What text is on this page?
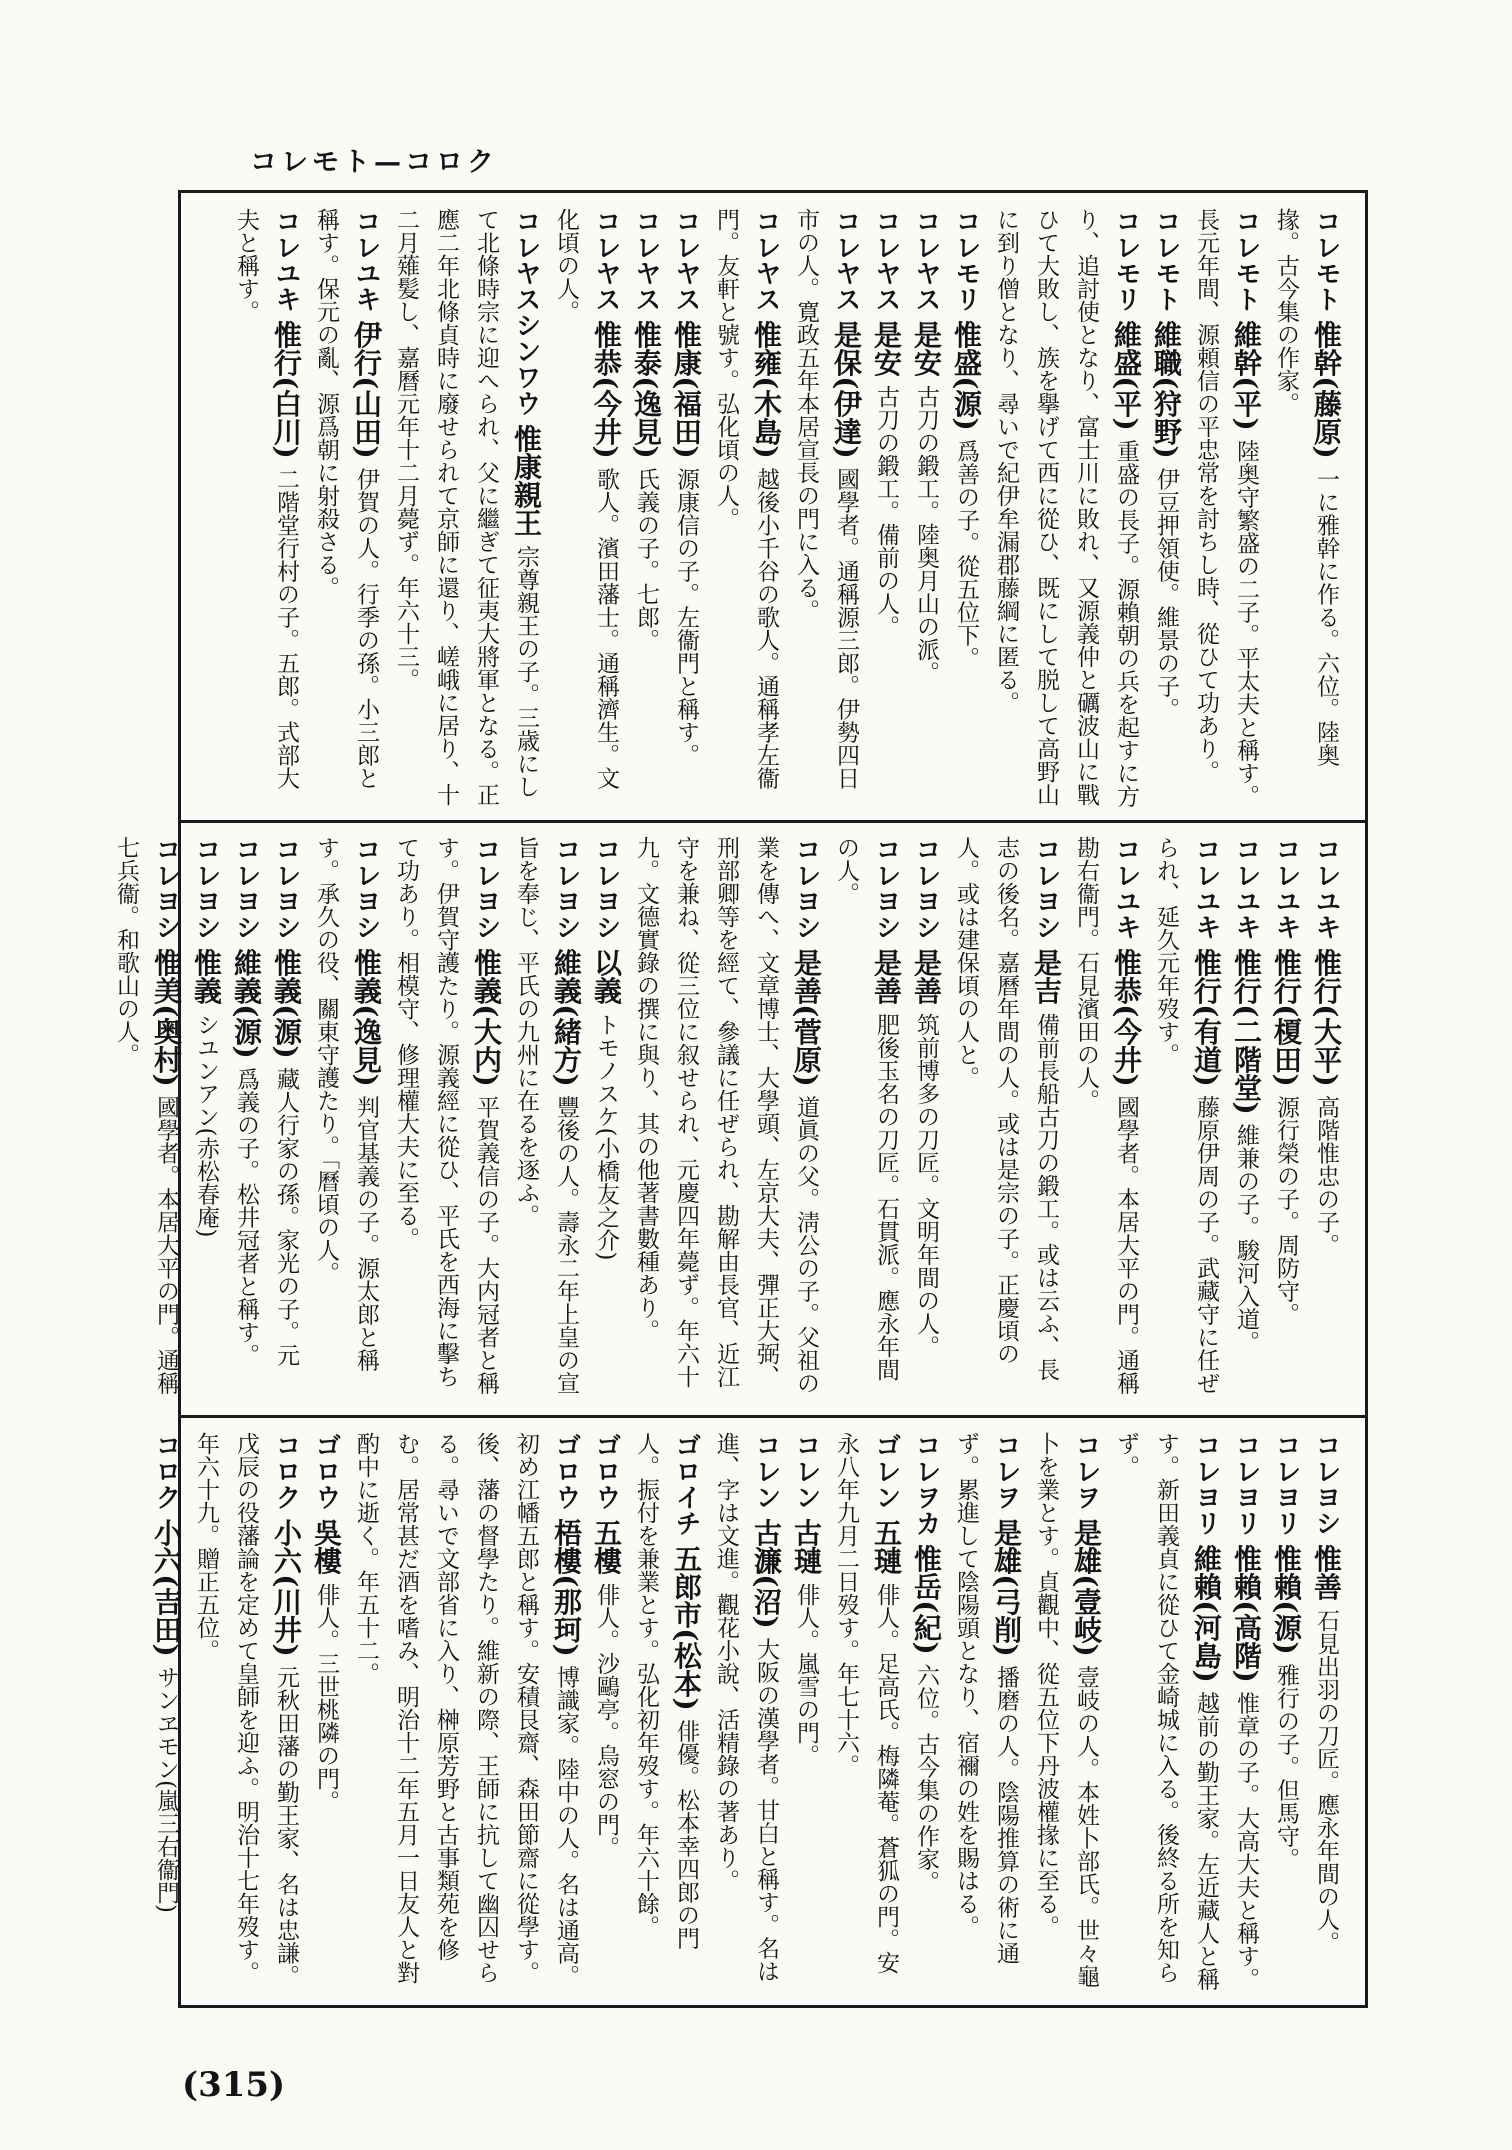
コレモト—コロク
コレモト 惟幹(藤原) 一に雅幹に作る。六位。陸奥掾。古今集の作家。
コレモト 維幹(平) 陸奥守繁盛の二子。平太夫と稱す。長元年間、源頼信の平忠常を討ちし時、從ひて功あり。
コレモト 維職(狩野) 伊豆押領使。維景の子。
コレモリ 維盛(平) 重盛の長子。源賴朝の兵を起すに方り、追討使となり、富士川に敗れ、又源義仲と礪波山に戰ひて大敗し、族を擧げて西に從ひ、既にして脱して高野山に到り僧となり、尋いで紀伊牟漏郡藤綱に匿る。
コレモリ 惟盛(源) 爲善の子。從五位下。
コレヤス 是安 古刀の鍛工。陸奥月山の派。
コレヤス 是安 古刀の鍛工。備前の人。
コレヤス 是保(伊達) 國學者。通稱源三郎。伊勢四日市の人。寛政五年本居宣長の門に入る。
コレヤス 惟雍(木島) 越後小千谷の歌人。通稱孝左衞門。友軒と號す。弘化頃の人。
コレヤス 惟康(福田) 源康信の子。左衞門と稱す。
コレヤス 惟泰(逸見) 氏義の子。七郎。
コレヤス 惟恭(今井) 歌人。濱田藩士。通稱濟生。文化頃の人。
コレヤスシンワウ 惟康親王 宗尊親王の子。三歳にして北條時宗に迎へられ、父に繼ぎて征夷大將軍となる。正應二年北條貞時に廢せられて京師に還り、嵯峨に居り、十二月薙髪し、嘉曆元年十二月薨ず。年六十三。
コレユキ 伊行(山田) 伊賀の人。行季の孫。小三郎と稱す。保元の亂、源爲朝に射殺さる。
コレユキ 惟行(白川) 二階堂行村の子。五郎。式部大夫と稱す。
コレユキ 惟行(大平) 高階惟忠の子。
コレユキ 惟行(榎田) 源行榮の子。周防守。
コレユキ 惟行(二階堂) 維兼の子。駿河入道。
コレユキ 惟行(有道) 藤原伊周の子。武藏守に任ぜられ、延久元年歿す。
コレユキ 惟恭(今井) 國學者。本居大平の門。通稱勘右衞門。石見濱田の人。
コレヨシ 是吉 備前長船古刀の鍛工。或は云ふ、長志の後名。嘉曆年間の人。或は是宗の子。正慶頃の人。或は建保頃の人と。
コレヨシ 是善 筑前博多の刀匠。文明年間の人。
コレヨシ 是善 肥後玉名の刀匠。石貫派。應永年間の人。
コレヨシ 是善(菅原) 道眞の父。淸公の子。父祖の業を傳へ、文章博士、大學頭、左京大夫、彈正大弼、刑部卿等を經て、參議に任ぜられ、勘解由長官、近江守を兼ね、從三位に叙せられ、元慶四年薨ず。年六十九。文德實錄の撰に與り、其の他著書數種あり。
コレヨシ 以義 トモノスケ(小橋友之介)
コレヨシ 維義(緒方) 豐後の人。壽永二年上皇の宣旨を奉じ、平氏の九州に在るを逐ふ。
コレヨシ 惟義(大内) 平賀義信の子。大内冠者と稱す。伊賀守護たり。源義經に從ひ、平氏を西海に擊ちて功あり。相模守、修理權大夫に至る。
コレヨシ 惟義(逸見) 判官基義の子。源太郎と稱す。承久の役、關東守護たり。「曆頃の人。
コレヨシ 惟義(源) 藏人行家の孫。家光の子。元
コレヨシ 維義(源) 爲義の子。松井冠者と稱す。
コレヨシ 惟義 シユンアン(赤松春庵)
コレヨシ 惟美(奥村) 國學者。本居大平の門。通稱七兵衞。和歌山の人。
コレヨシ 惟善 石見出羽の刀匠。應永年間の人。
コレヨリ 惟賴(源) 雅行の子。但馬守。
コレヨリ 惟賴(高階) 惟章の子。大高大夫と稱す。
コレヨリ 維賴(河島) 越前の勤王家。左近藏人と稱す。新田義貞に從ひて金崎城に入る。後終る所を知らず。
コレヲ 是雄(壹岐) 壹岐の人。本姓卜部氏。世々龜卜を業とす。貞觀中、從五位下丹波權掾に至る。
コレヲ 是雄(弓削) 播磨の人。陰陽推算の術に通ず。累進して陰陽頭となり、宿禰の姓を賜はる。
コレヲカ 惟岳(紀) 六位。古今集の作家。
ゴレン 五璉 俳人。足高氏。梅隣菴。蒼狐の門。安永八年九月二日歿す。年七十六。
コレン 古璉 俳人。嵐雪の門。
コレン 古濂(沼) 大阪の漢學者。甘白と稱す。名は進、字は文進。觀花小說、活精錄の著あり。
ゴロイチ 五郎市(松本) 俳優。松本幸四郎の門人。振付を兼業とす。弘化初年歿す。年六十餘。
ゴロウ 五樓 俳人。沙鷗亭。烏窓の門。
ゴロウ 梧樓(那珂) 博識家。陸中の人。名は通高。初め江幡五郎と稱す。安積艮齋、森田節齋に從學す。後、藩の督學たり。維新の際、王師に抗して幽囚せらる。尋いで文部省に入り、榊原芳野と古事類苑を修む。居常甚だ酒を嗜み、明治十二年五月一日友人と對酌中に逝く。年五十二。
ゴロウ 吳樓 俳人。三世桃隣の門。
コロク 小六(川井) 元秋田藩の勤王家、名は忠謙。戊辰の役藩論を定めて皇師を迎ふ。明治十七年歿す。年六十九。贈正五位。
コロク 小六(吉田) サンヱモン(嵐三右衞門)
(315)
